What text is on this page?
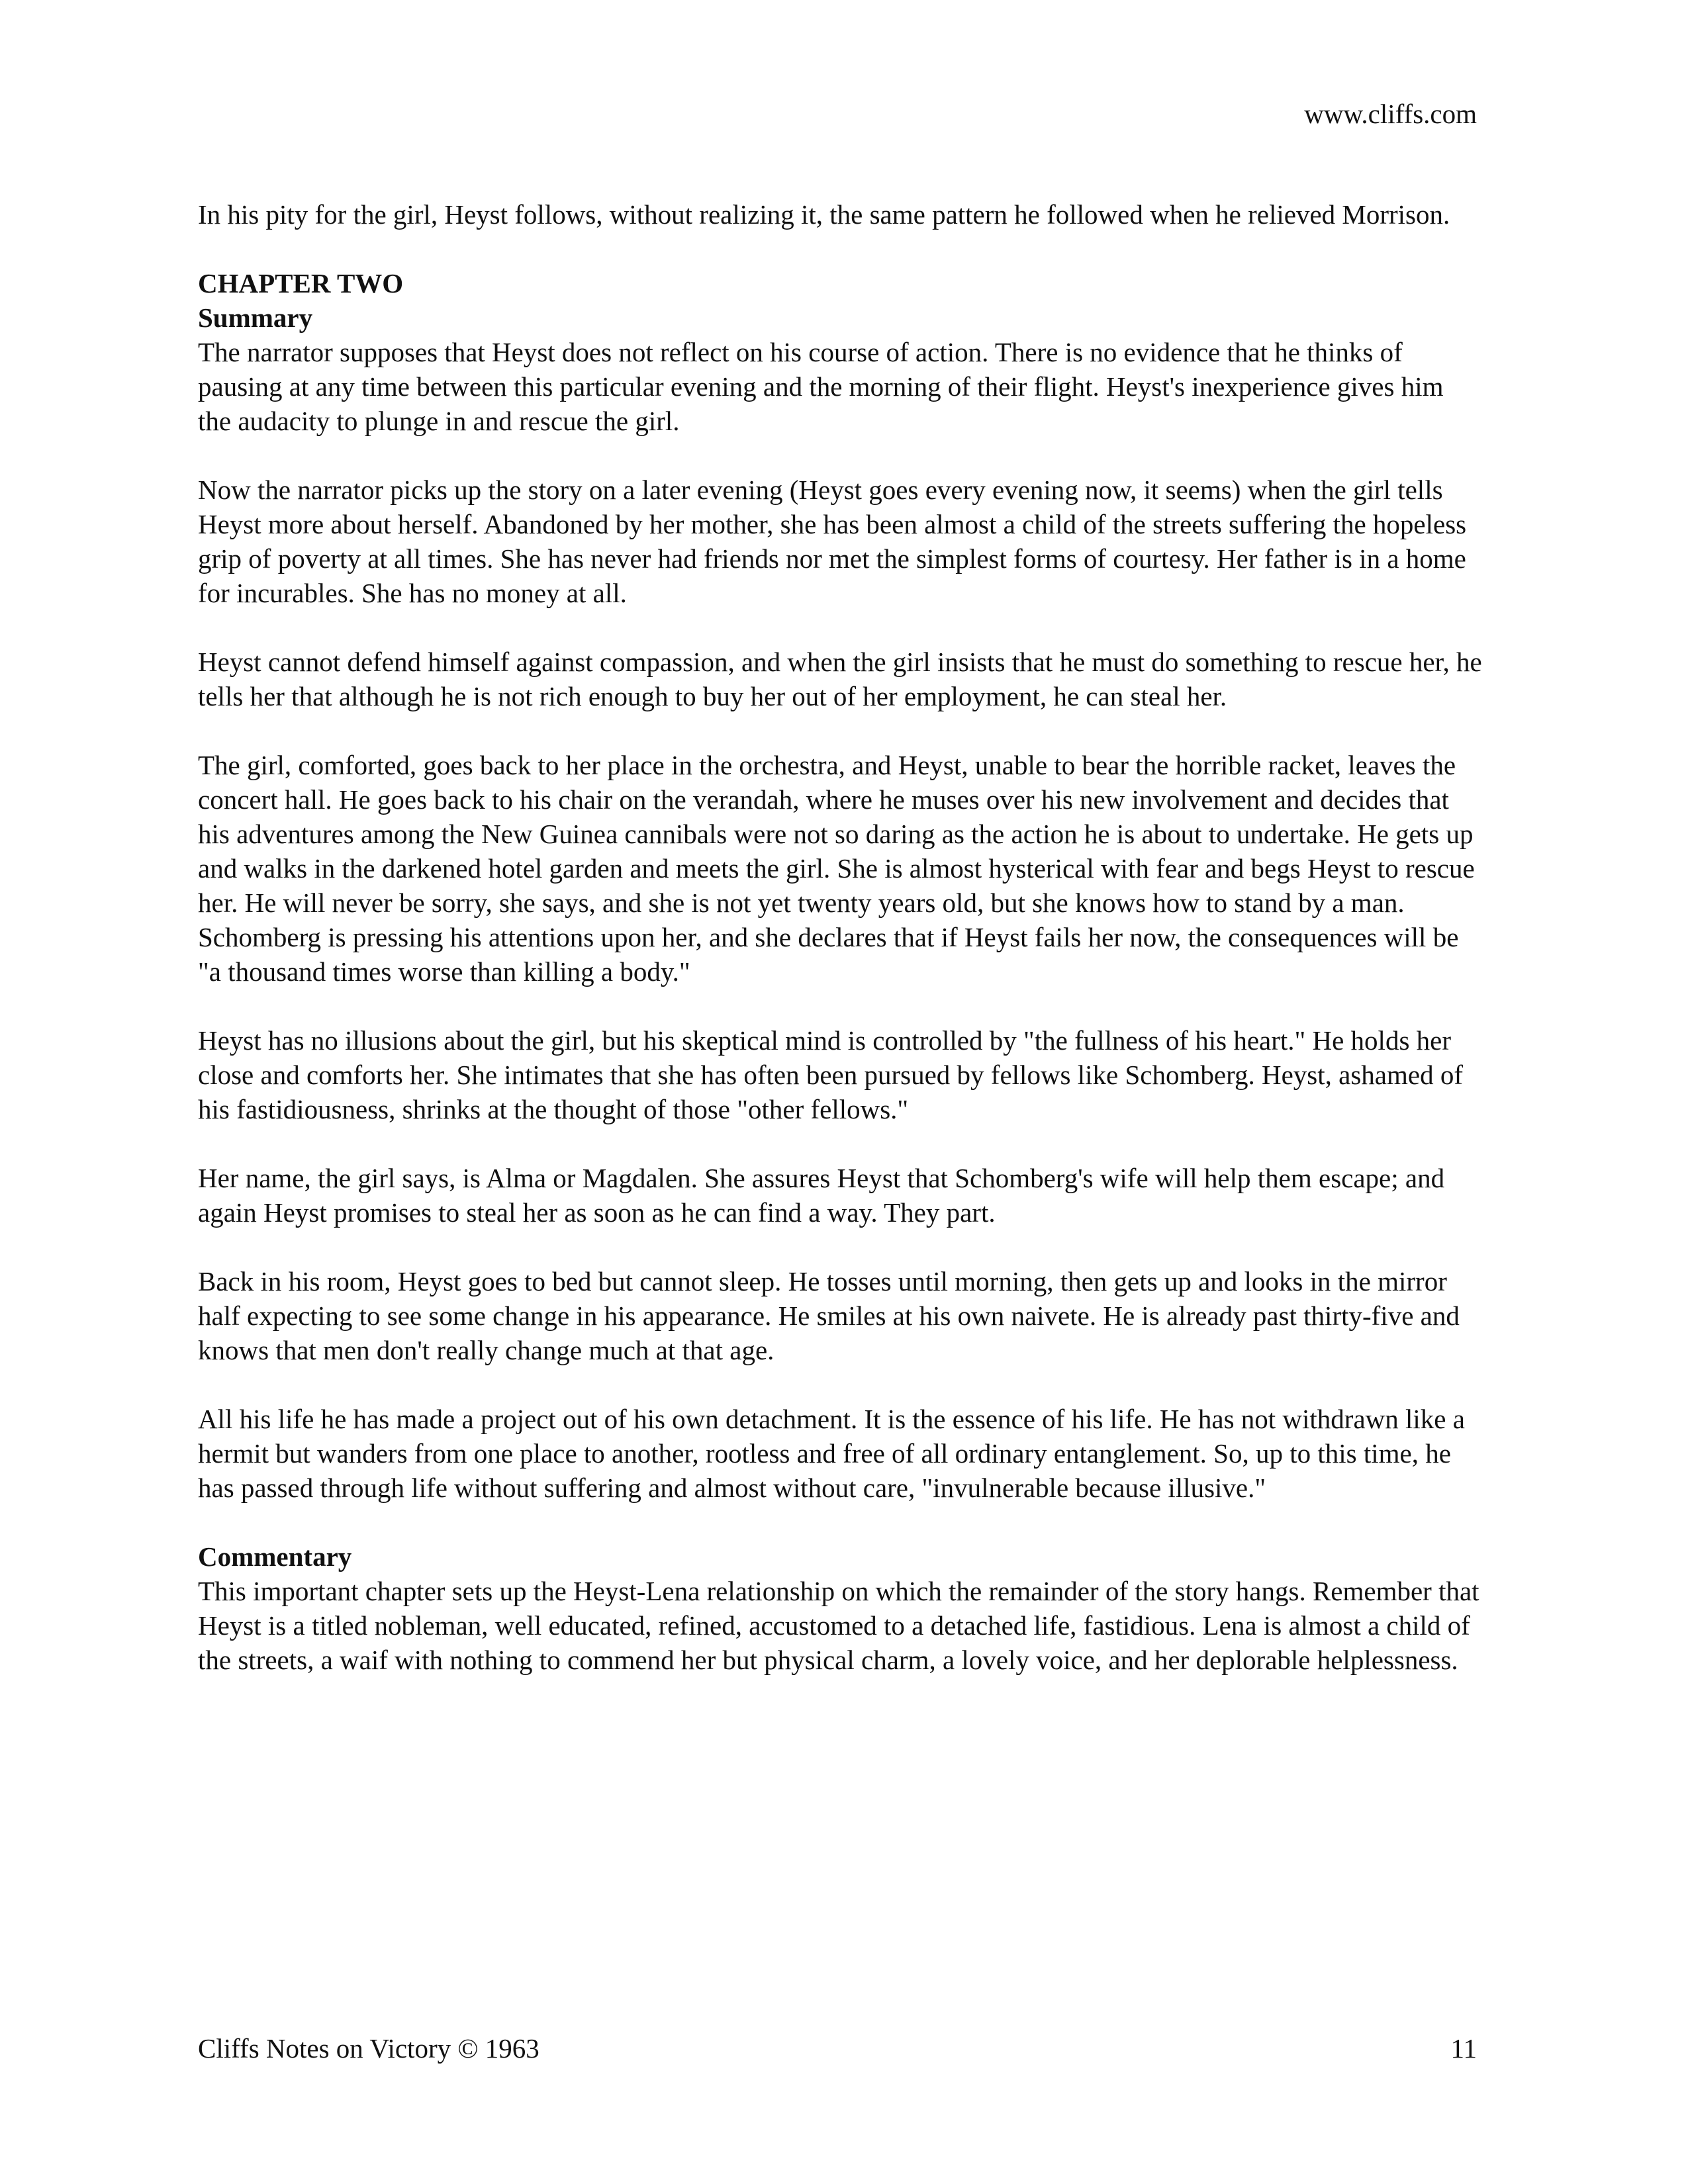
www.cliffs.com

In his pity for the girl, Heyst follows, without realizing it, the same pattern he followed when he relieved Morrison.

CHAPTER TWO

Summary

The narrator supposes that Heyst does not reflect on his course of action. There is no evidence that he thinks of pausing at any time between this particular evening and the morning of their flight. Heyst's inexperience gives him the audacity to plunge in and rescue the girl.

Now the narrator picks up the story on a later evening (Heyst goes every evening now, it seems) when the girl tells Heyst more about herself. Abandoned by her mother, she has been almost a child of the streets suffering the hopeless grip of poverty at all times. She has never had friends nor met the simplest forms of courtesy. Her father is in a home for incurables. She has no money at all.

Heyst cannot defend himself against compassion, and when the girl insists that he must do something to rescue her, he tells her that although he is not rich enough to buy her out of her employment, he can steal her.

The girl, comforted, goes back to her place in the orchestra, and Heyst, unable to bear the horrible racket, leaves the concert hall. He goes back to his chair on the verandah, where he muses over his new involvement and decides that his adventures among the New Guinea cannibals were not so daring as the action he is about to undertake. He gets up and walks in the darkened hotel garden and meets the girl. She is almost hysterical with fear and begs Heyst to rescue her. He will never be sorry, she says, and she is not yet twenty years old, but she knows how to stand by a man. Schomberg is pressing his attentions upon her, and she declares that if Heyst fails her now, the consequences will be "a thousand times worse than killing a body."

Heyst has no illusions about the girl, but his skeptical mind is controlled by "the fullness of his heart." He holds her close and comforts her. She intimates that she has often been pursued by fellows like Schomberg. Heyst, ashamed of his fastidiousness, shrinks at the thought of those "other fellows."

Her name, the girl says, is Alma or Magdalen. She assures Heyst that Schomberg's wife will help them escape; and again Heyst promises to steal her as soon as he can find a way. They part.

Back in his room, Heyst goes to bed but cannot sleep. He tosses until morning, then gets up and looks in the mirror half expecting to see some change in his appearance. He smiles at his own naivete. He is already past thirty-five and knows that men don't really change much at that age.

All his life he has made a project out of his own detachment. It is the essence of his life. He has not withdrawn like a hermit but wanders from one place to another, rootless and free of all ordinary entanglement. So, up to this time, he has passed through life without suffering and almost without care, "invulnerable because illusive."

Commentary

This important chapter sets up the Heyst-Lena relationship on which the remainder of the story hangs. Remember that Heyst is a titled nobleman, well educated, refined, accustomed to a detached life, fastidious. Lena is almost a child of the streets, a waif with nothing to commend her but physical charm, a lovely voice, and her deplorable helplessness.

Cliffs Notes on Victory © 1963	11
